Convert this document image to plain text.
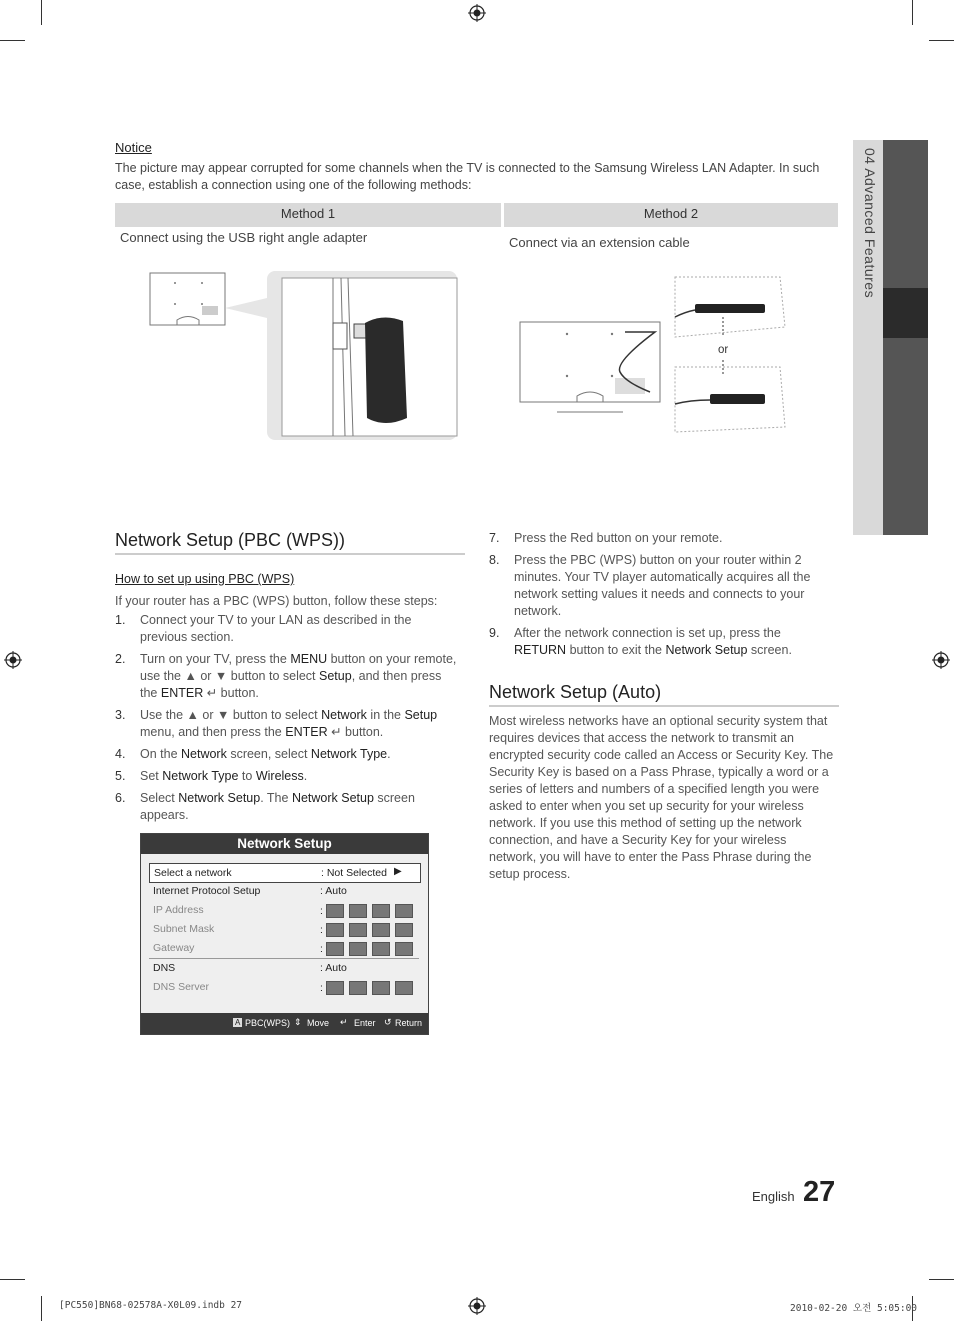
04 Advanced Features
Notice
The picture may appear corrupted for some channels when the TV is connected to the Samsung Wireless LAN Adapter. In such case, establish a connection using one of the following methods:
Method 1	Method 2
Connect using the USB right angle adapter	Connect via an extension cable
or
Network Setup (PBC (WPS))
How to set up using PBC (WPS)
If your router has a PBC (WPS) button, follow these steps:
1. Connect your TV to your LAN as described in the previous section.
2. Turn on your TV, press the MENU button on your remote, use the ▲ or ▼ button to select Setup, and then press the ENTER ↵ button.
3. Use the ▲ or ▼ button to select Network in the Setup menu, and then press the ENTER ↵ button.
4. On the Network screen, select Network Type.
5. Set Network Type to Wireless.
6. Select Network Setup. The Network Setup screen appears.
Network Setup
Select a network	: Not Selected ▶
Internet Protocol Setup	: Auto
IP Address	:
Subnet Mask	:
Gateway	:
DNS	: Auto
DNS Server	:
A PBC(WPS) ⇕ Move ↵ Enter ↺ Return
7. Press the Red button on your remote.
8. Press the PBC (WPS) button on your router within 2 minutes. Your TV player automatically acquires all the network setting values it needs and connects to your network.
9. After the network connection is set up, press the RETURN button to exit the Network Setup screen.
Network Setup (Auto)
Most wireless networks have an optional security system that requires devices that access the network to transmit an encrypted security code called an Access or Security Key. The Security Key is based on a Pass Phrase, typically a word or a series of letters and numbers of a specified length you were asked to enter when you set up security for your wireless network. If you use this method of setting up the network connection, and have a Security Key for your wireless network, you will have to enter the Pass Phrase during the setup process.
English 27
[PC550]BN68-02578A-X0L09.indb 27	2010-02-20 오전 5:05:00
